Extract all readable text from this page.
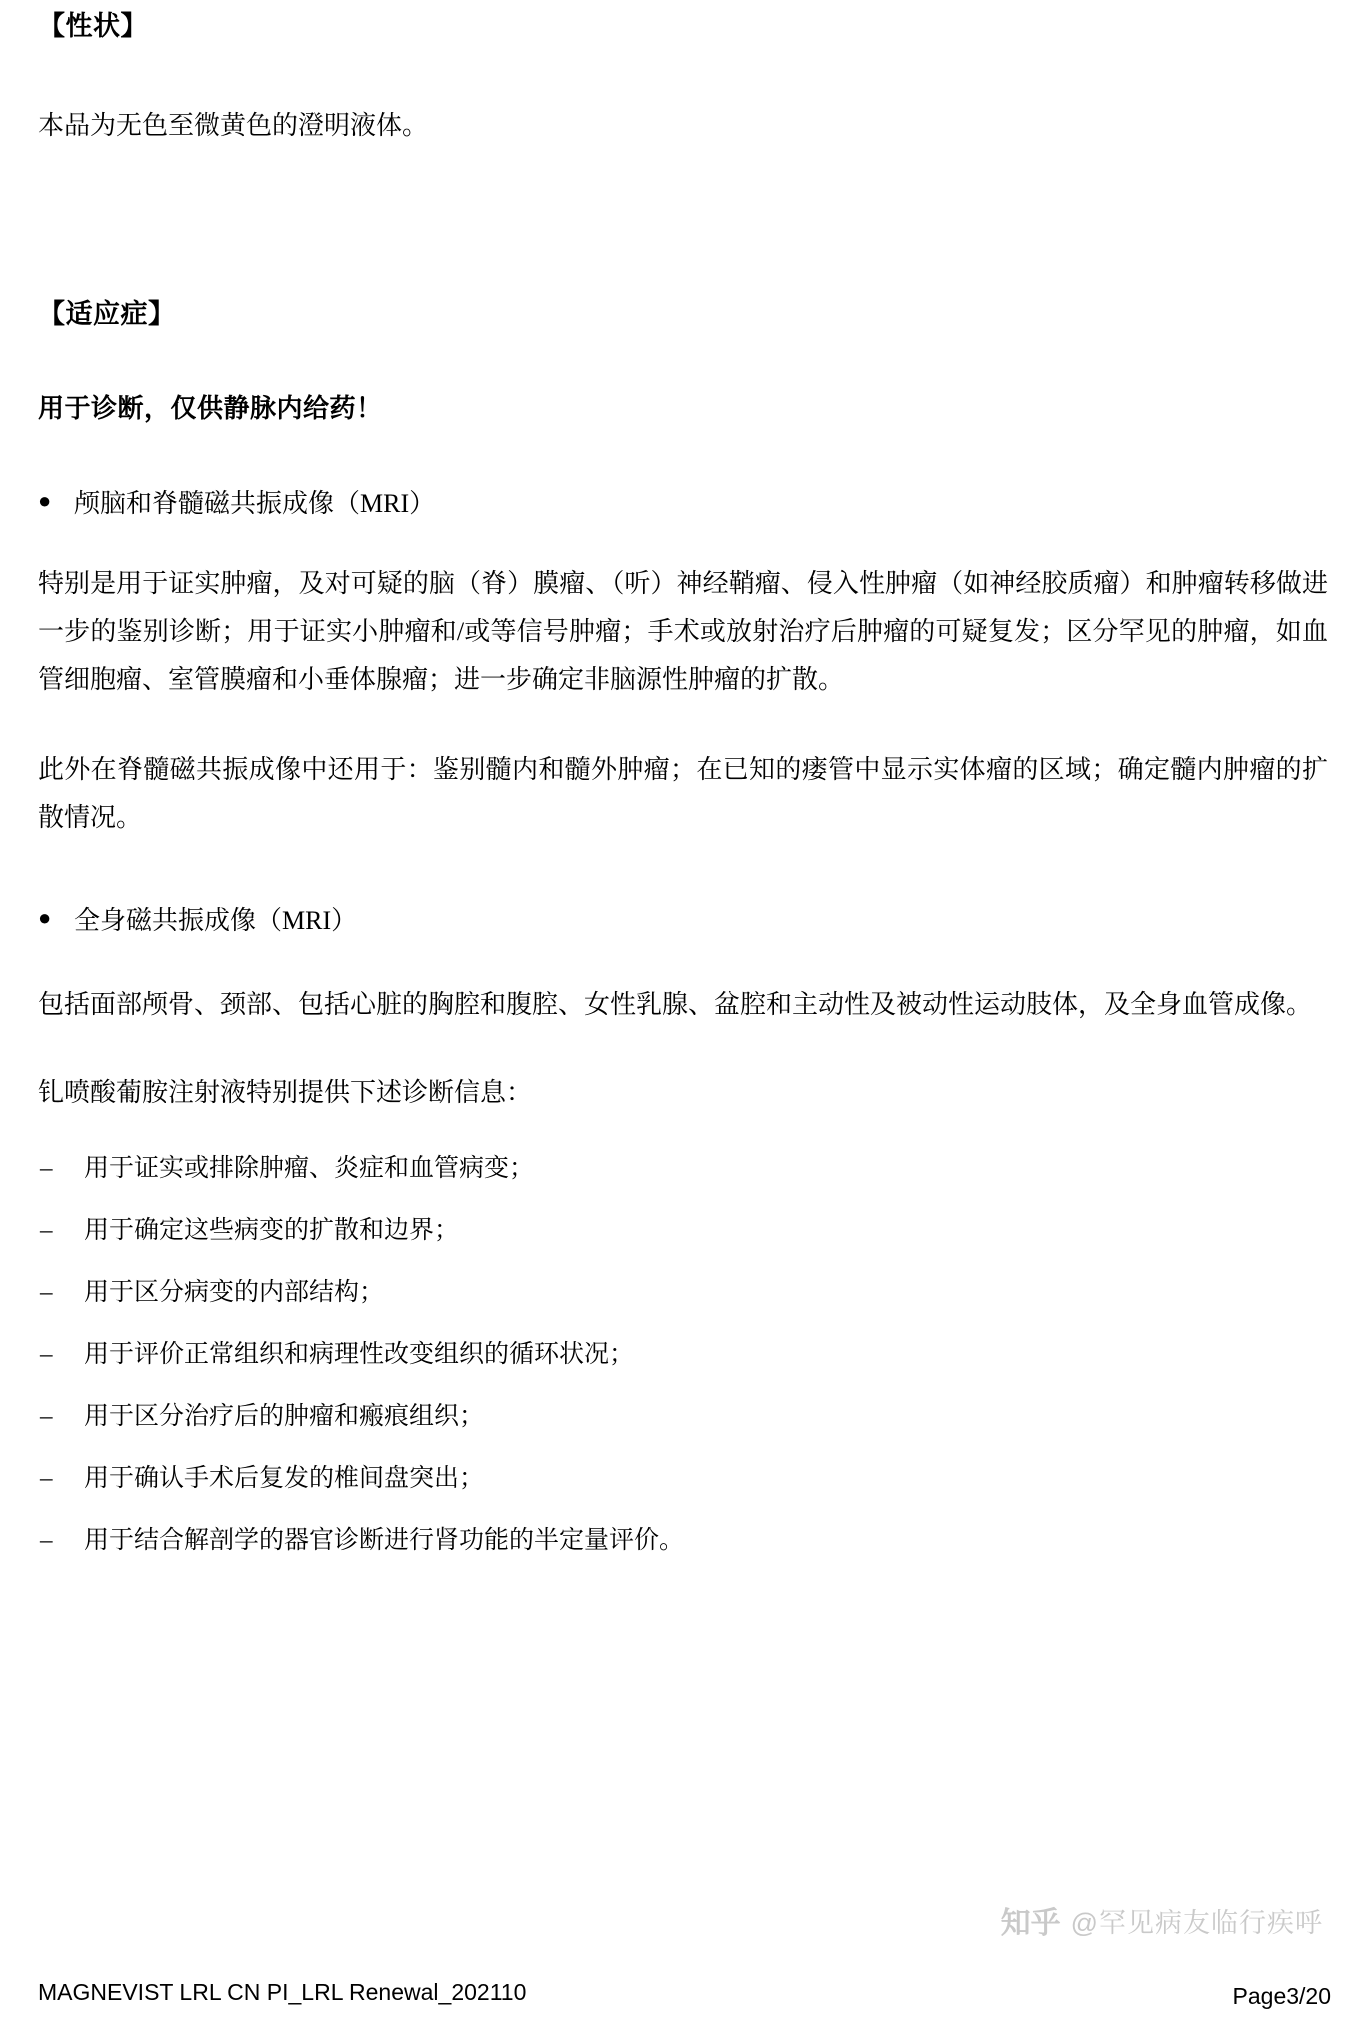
【性状】
本品为无色至微黄色的澄明液体。
【适应症】
用于诊断，仅供静脉内给药！
● 颅脑和脊髓磁共振成像（MRI）
特别是用于证实肿瘤，及对可疑的脑（脊）膜瘤、（听）神经鞘瘤、侵入性肿瘤（如神经胶质瘤）和肿瘤转移做进一步的鉴别诊断；用于证实小肿瘤和/或等信号肿瘤；手术或放射治疗后肿瘤的可疑复发；区分罕见的肿瘤，如血管细胞瘤、室管膜瘤和小垂体腺瘤；进一步确定非脑源性肿瘤的扩散。
此外在脊髓磁共振成像中还用于：鉴别髓内和髓外肿瘤；在已知的瘘管中显示实体瘤的区域；确定髓内肿瘤的扩散情况。
● 全身磁共振成像（MRI）
包括面部颅骨、颈部、包括心脏的胸腔和腹腔、女性乳腺、盆腔和主动性及被动性运动肢体，及全身血管成像。
钆喷酸葡胺注射液特别提供下述诊断信息：
–	用于证实或排除肿瘤、炎症和血管病变；
–	用于确定这些病变的扩散和边界；
–	用于区分病变的内部结构；
–	用于评价正常组织和病理性改变组织的循环状况；
–	用于区分治疗后的肿瘤和瘢痕组织；
–	用于确认手术后复发的椎间盘突出；
–	用于结合解剖学的器官诊断进行肾功能的半定量评价。
知乎 @罕见病友临行疾呼
MAGNEVIST LRL CN PI_LRL Renewal_202110	Page3/20
